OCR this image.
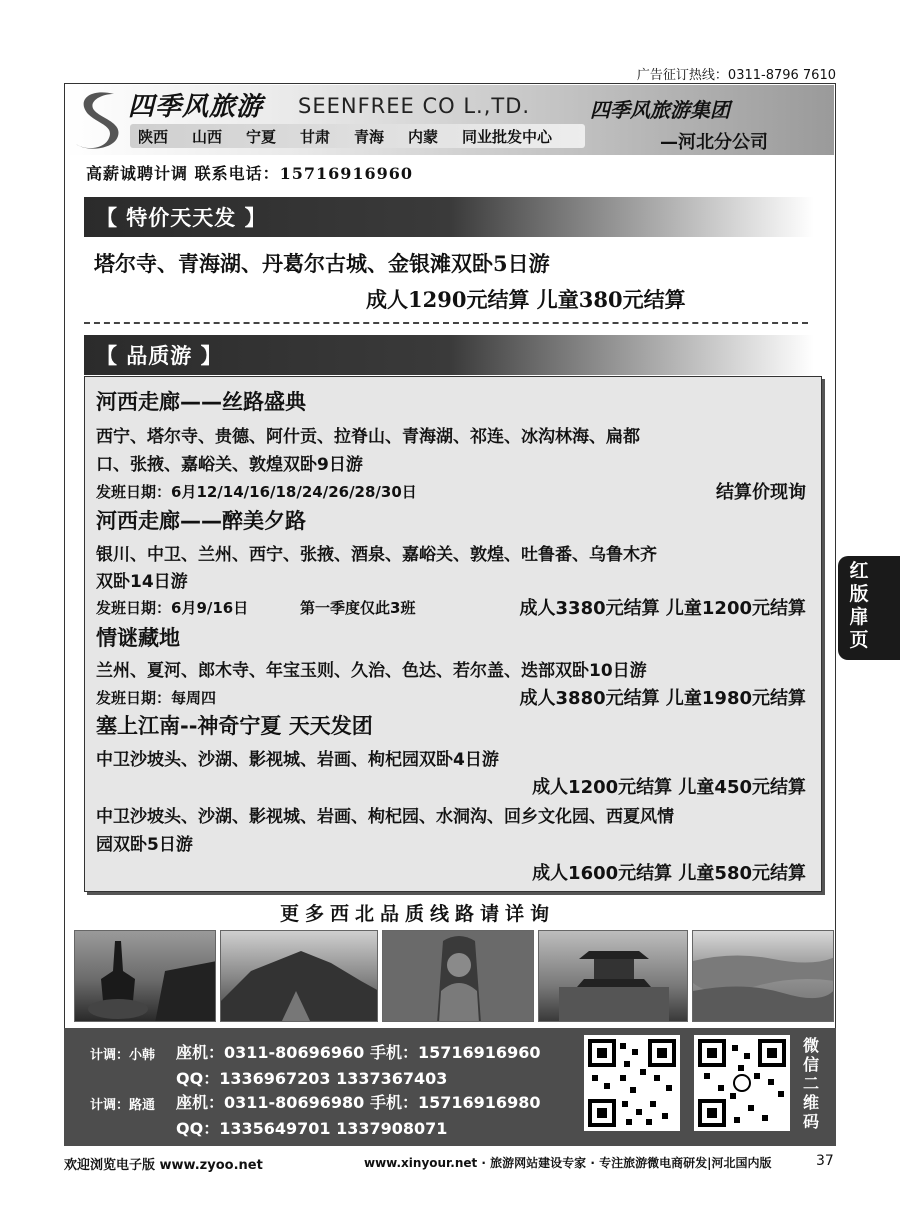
广告征订热线：0311-8796 7610
四季风旅游 SEENFREE CO L.,TD.
陕西 山西 宁夏 甘肃 青海 内蒙 同业批发中心
四季风旅游集团
—河北分公司
高薪诚聘计调 联系电话：15716916960
【 特价天天发 】
塔尔寺、青海湖、丹葛尔古城、金银滩双卧5日游
成人1290元结算 儿童380元结算
【 品质游 】
河西走廊——丝路盛典
西宁、塔尔寺、贵德、阿什贡、拉脊山、青海湖、祁连、冰沟林海、扁都
口、张掖、嘉峪关、敦煌双卧9日游
发班日期：6月12/14/16/18/24/26/28/30日	结算价现询
河西走廊——醉美夕路
银川、中卫、兰州、西宁、张掖、酒泉、嘉峪关、敦煌、吐鲁番、乌鲁木齐
双卧14日游
发班日期：6月9/16日	第一季度仅此3班	成人3380元结算 儿童1200元结算
情谜藏地
兰州、夏河、郎木寺、年宝玉则、久治、色达、若尔盖、迭部双卧10日游
发班日期：每周四	成人3880元结算 儿童1980元结算
塞上江南--神奇宁夏 天天发团
中卫沙坡头、沙湖、影视城、岩画、枸杞园双卧4日游
成人1200元结算 儿童450元结算
中卫沙坡头、沙湖、影视城、岩画、枸杞园、水洞沟、回乡文化园、西夏风情
园双卧5日游
成人1600元结算 儿童580元结算
更多西北品质线路请详询
计调：小韩 座机：0311-80696960 手机：15716916960
QQ：1336967203 1337367403
计调：路通 座机：0311-80696980 手机：15716916980
QQ：1335649701 1337908071
微信二维码
红版扉页
欢迎浏览电子版 www.zyoo.net	www.xinyour.net · 旅游网站建设专家 · 专注旅游微电商研发|河北国内版	37
